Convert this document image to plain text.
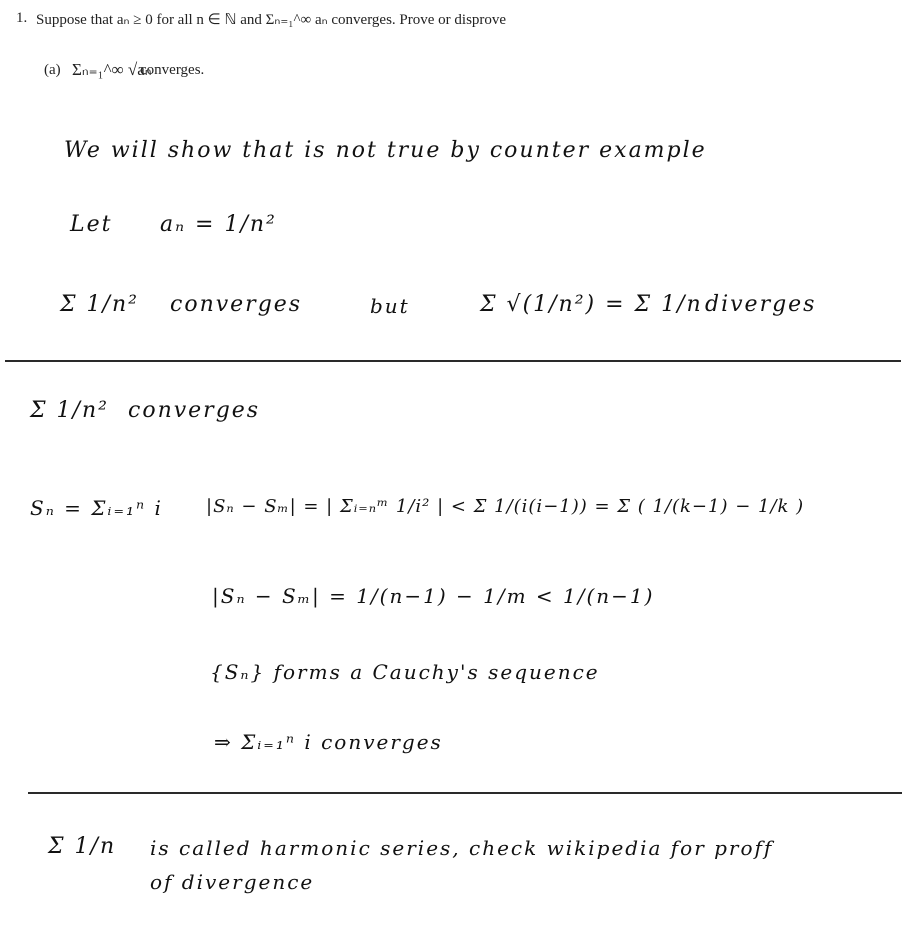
1. Suppose that aₙ ≥ 0 for all n ∈ ℕ and Σₙ₌₁^∞ aₙ converges. Prove or disprove
(a) Σₙ₌₁^∞ √aₙ
converges.
We will show that is not true by counter example
Let aₙ = 1/n²
Σ 1/n² converges	but	Σ √(1/n²) = Σ 1/n diverges
Σ 1/n² converges
Sₙ = Σᵢ₌₁ⁿ i |Sₙ − Sₘ| = | Σᵢ₌ₙᵐ 1/i² | < Σ 1/(i(i−1)) = Σ ( 1/(k−1) − 1/k )
|Sₙ − Sₘ| = 1/(n−1) − 1/m < 1/(n−1)
{Sₙ} forms a Cauchy's sequence
⇒ Σᵢ₌₁ⁿ i converges
Σ 1/n is called harmonic series, check wikipedia for proff
of divergence
